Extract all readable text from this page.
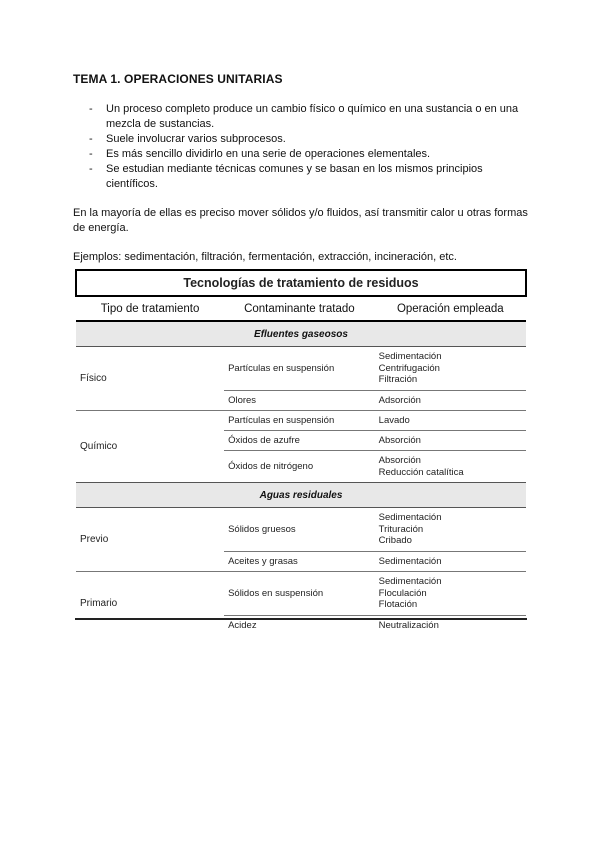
TEMA 1. OPERACIONES UNITARIAS
- Un proceso completo produce un cambio físico o químico en una sustancia o en una mezcla de sustancias.
- Suele involucrar varios subprocesos.
- Es más sencillo dividirlo en una serie de operaciones elementales.
- Se estudian mediante técnicas comunes y se basan en los mismos principios científicos.

En la mayoría de ellas es preciso mover sólidos y/o fluidos, así transmitir calor u otras formas de energía.

Ejemplos: sedimentación, filtración, fermentación, extracción, incineración, etc.

Tecnologías de tratamiento de residuos		
Tipo de tratamiento	Contaminante tratado	Operación empleada
Efluentes gaseosos		
Físico	Partículas en suspensión	Sedimentación
Centrifugación
Filtración

	Olores	Adsorción

Químico	Partículas en suspensión	Lavado

	Óxidos de azufre	Absorción

	Óxidos de nitrógeno	Absorción
Reducción catalítica

Aguas residuales		
Previo	Sólidos gruesos	Sedimentación
Trituración
Cribado

	Aceites y grasas	Sedimentación

Primario	Sólidos en suspensión	Sedimentación
Floculación
Flotación

	Acidez	Neutralización
